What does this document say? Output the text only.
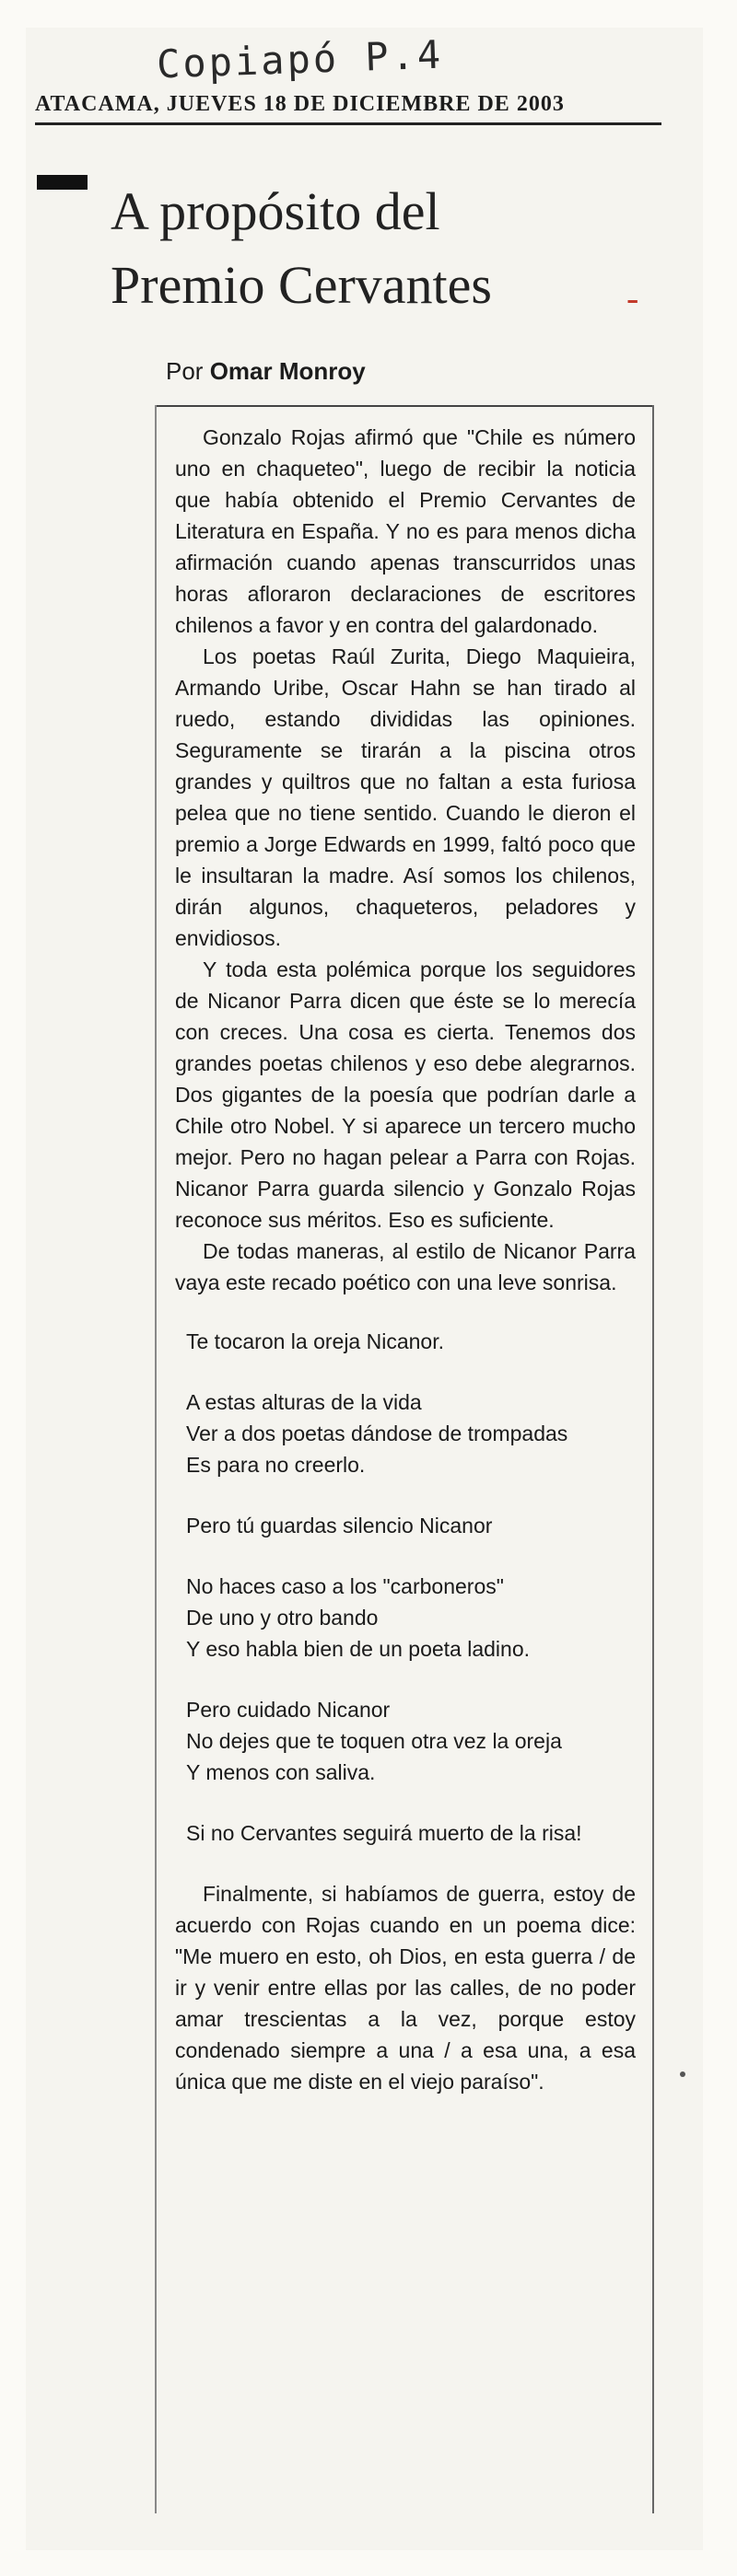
Copiapó P.4
ATACAMA, JUEVES 18 DE DICIEMBRE DE 2003
A propósito del
Premio Cervantes	-
Por Omar Monroy

Gonzalo Rojas afirmó que "Chile es número uno en chaqueteo", luego de recibir la noticia que había obtenido el Premio Cervantes de Literatura en España. Y no es para menos dicha afirmación cuando apenas transcurridos unas horas afloraron declaraciones de escritores chilenos a favor y en contra del galardonado.

Los poetas Raúl Zurita, Diego Maquieira, Armando Uribe, Oscar Hahn se han tirado al ruedo, estando divididas las opiniones. Seguramente se tirarán a la piscina otros grandes y quiltros que no faltan a esta furiosa pelea que no tiene sentido. Cuando le dieron el premio a Jorge Edwards en 1999, faltó poco que le insultaran la madre. Así somos los chilenos, dirán algunos, chaqueteros, peladores y envidiosos.

Y toda esta polémica porque los seguidores de Nicanor Parra dicen que éste se lo merecía con creces. Una cosa es cierta. Tenemos dos grandes poetas chilenos y eso debe alegrarnos. Dos gigantes de la poesía que podrían darle a Chile otro Nobel. Y si aparece un tercero mucho mejor. Pero no hagan pelear a Parra con Rojas. Nicanor Parra guarda silencio y Gonzalo Rojas reconoce sus méritos. Eso es suficiente.

De todas maneras, al estilo de Nicanor Parra vaya este recado poético con una leve sonrisa.

Te tocaron la oreja Nicanor.
A estas alturas de la vida
Ver a dos poetas dándose de trompadas
Es para no creerlo.
Pero tú guardas silencio Nicanor
No haces caso a los "carboneros"
De uno y otro bando
Y eso habla bien de un poeta ladino.
Pero cuidado Nicanor
No dejes que te toquen otra vez la oreja
Y menos con saliva.
Si no Cervantes seguirá muerto de la risa!

Finalmente, si habíamos de guerra, estoy de acuerdo con Rojas cuando en un poema dice: "Me muero en esto, oh Dios, en esta guerra / de ir y venir entre ellas por las calles, de no poder amar trescientas a la vez, porque estoy condenado siempre a una / a esa una, a esa única que me diste en el viejo paraíso".
